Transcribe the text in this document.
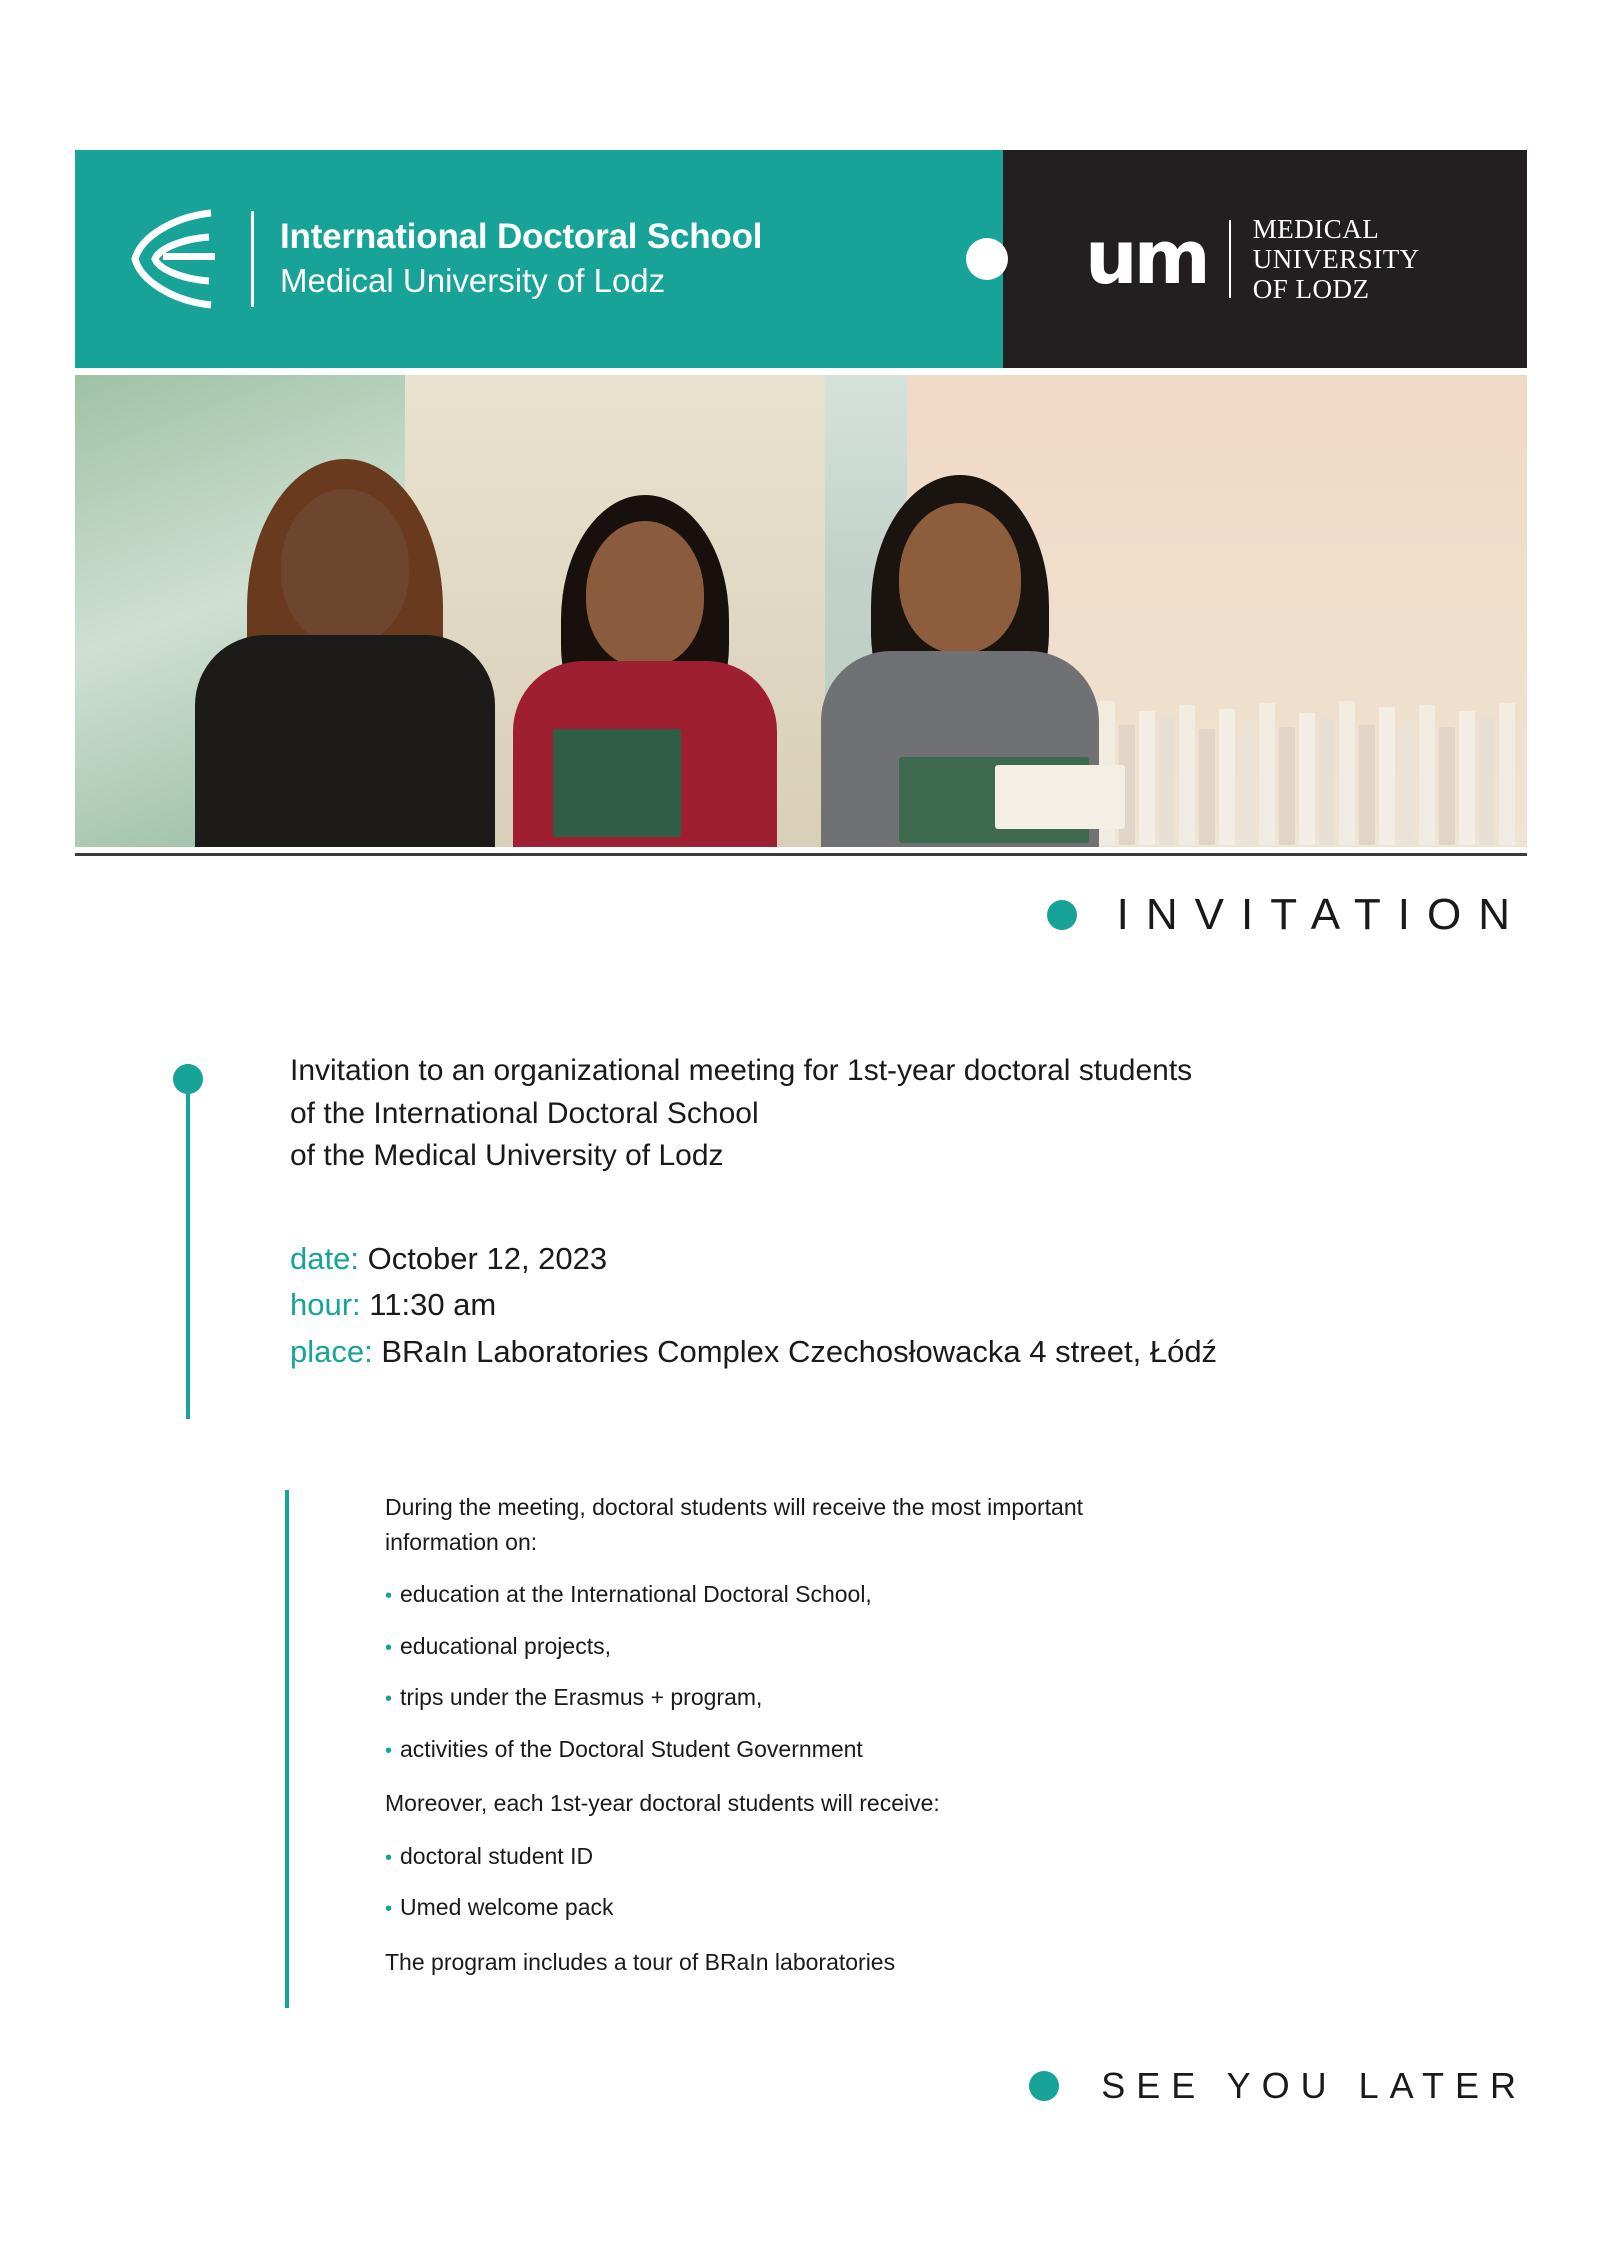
International Doctoral School
Medical University of Lodz	um MEDICAL
UNIVERSITY
OF LODZ
INVITATION
Invitation to an organizational meeting for 1st-year doctoral students
of the International Doctoral School
of the Medical University of Lodz
date: October 12, 2023
hour: 11:30 am
place: BRaIn Laboratories Complex Czechosłowacka 4 street, Łódź

During the meeting, doctoral students will receive the most important
information on:

• education at the International Doctoral School,
• educational projects,
• trips under the Erasmus + program,
• activities of the Doctoral Student Government

Moreover, each 1st-year doctoral students will receive:

• doctoral student ID
• Umed welcome pack

The program includes a tour of BRaIn laboratories

SEE YOU LATER
